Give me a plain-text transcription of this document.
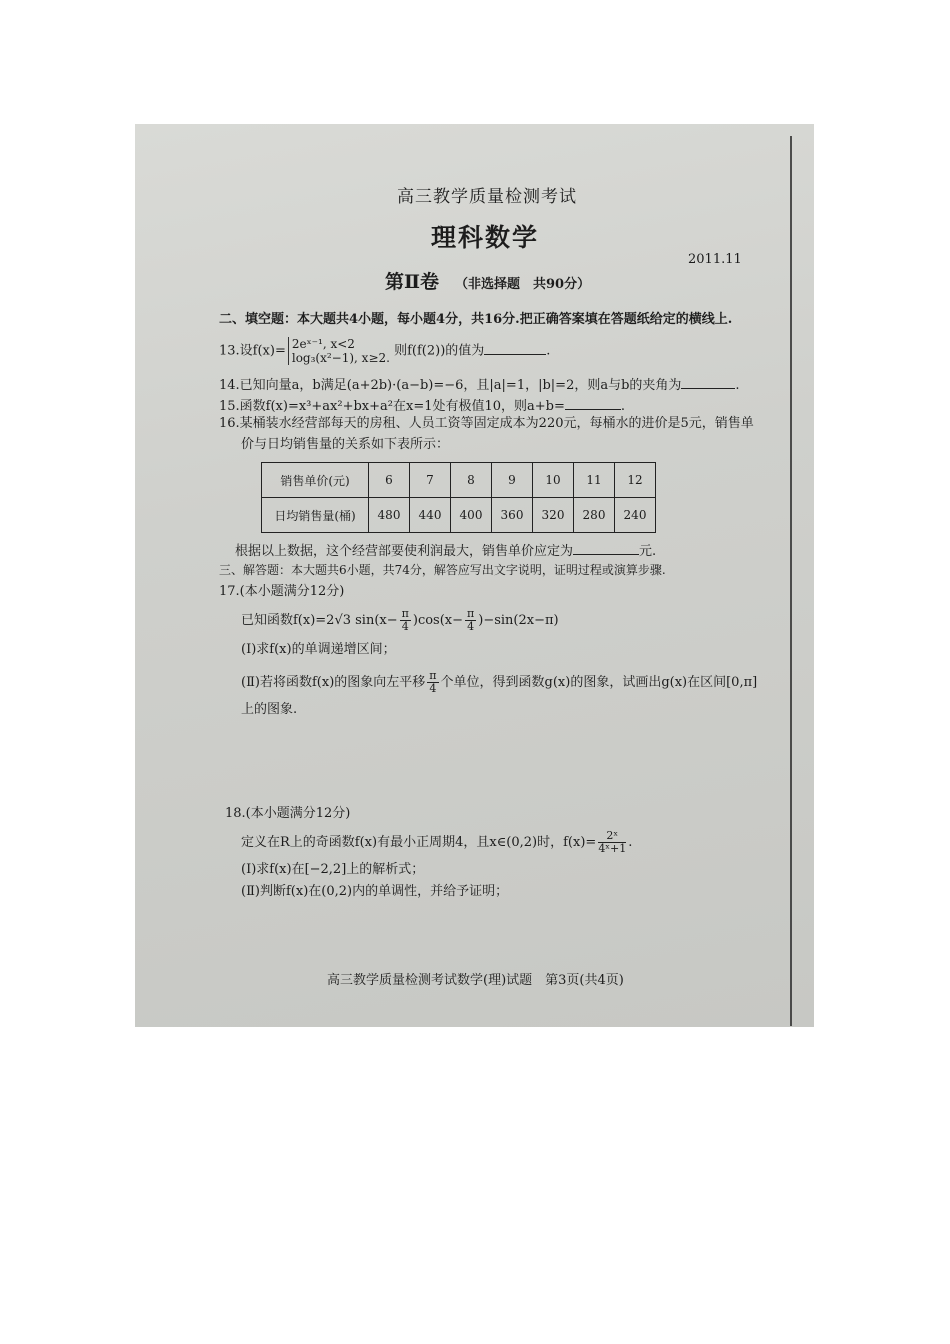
高三教学质量检测考试
理科数学
2011.11
第Ⅱ卷 （非选择题　共90分）
二、填空题：本大题共4小题，每小题4分，共16分.把正确答案填在答题纸给定的横线上.
13.设f(x)= 2eˣ⁻¹, x<2
log₃(x²−1), x≥2. 则f(f(2))的值为	.
14.已知向量a，b满足(a+2b)·(a−b)=−6，且|a|=1，|b|=2，则a与b的夹角为	.
15.函数f(x)=x³+ax²+bx+a²在x=1处有极值10，则a+b=	.
16.某桶装水经营部每天的房租、人员工资等固定成本为220元，每桶水的进价是5元，销售单
价与日均销售量的关系如下表所示：
销售单价(元)	6	7	8	9	10	11	12
日均销售量(桶)	480	440	400	360	320	280	240
根据以上数据，这个经营部要使利润最大，销售单价应定为	元.
三、解答题：本大题共6小题，共74分，解答应写出文字说明，证明过程或演算步骤.
17.(本小题满分12分)
已知函数f(x)=2√3 $\sin(x- \frac{\pi}{4} )\cos(x- \frac{\pi}{4} )-\sin(2x-\pi)$
(Ⅰ)求f(x)的单调递增区间；
(Ⅱ)若将函数f(x)的图象向左平移 $\frac{\pi}{4}$ 个单位，得到函数g(x)的图象，试画出g(x)在区间[0,π]
上的图象.
18.(本小题满分12分)
定义在R上的奇函数f(x)有最小正周期4，且x∈(0,2)时，$f(x)= \frac{\text{2ˣ}}{\text{4ˣ+1}}$ .
(Ⅰ)求f(x)在[−2,2]上的解析式；
(Ⅱ)判断f(x)在(0,2)内的单调性，并给予证明；
高三教学质量检测考试数学(理)试题　第3页(共4页)
